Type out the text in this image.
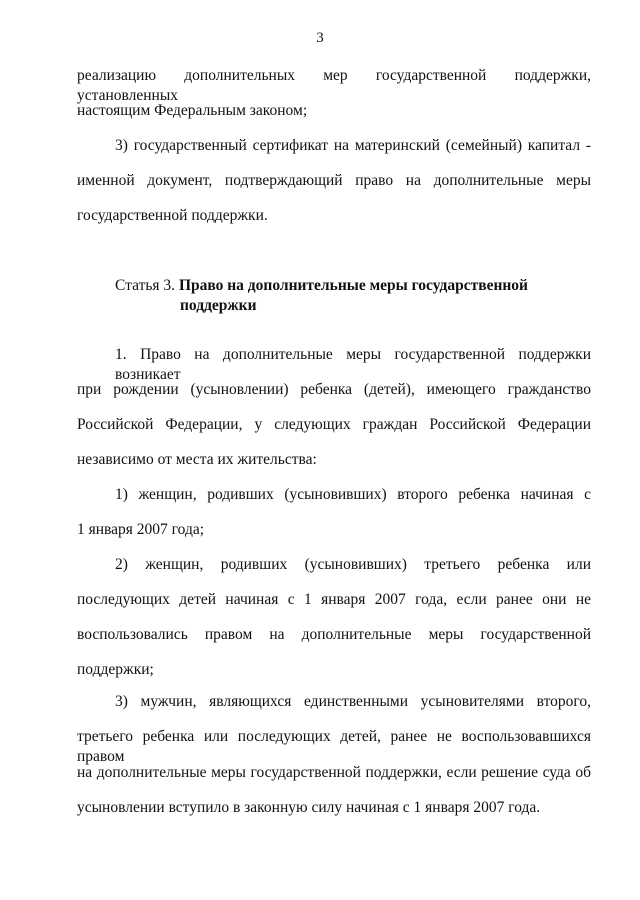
3
реализацию дополнительных мер государственной поддержки, установленных
настоящим Федеральным законом;
3) государственный сертификат на материнский (семейный) капитал -
именной документ, подтверждающий право на дополнительные меры
государственной поддержки.
Статья 3. Право на дополнительные меры государственной
поддержки
1. Право на дополнительные меры государственной поддержки возникает
при рождении (усыновлении) ребенка (детей), имеющего гражданство
Российской Федерации, у следующих граждан Российской Федерации
независимо от места их жительства:
1) женщин, родивших (усыновивших) второго ребенка начиная с
1 января 2007 года;
2) женщин, родивших (усыновивших) третьего ребенка или
последующих детей начиная с 1 января 2007 года, если ранее они не
воспользовались правом на дополнительные меры государственной
поддержки;
3) мужчин, являющихся единственными усыновителями второго,
третьего ребенка или последующих детей, ранее не воспользовавшихся правом
на дополнительные меры государственной поддержки, если решение суда об
усыновлении вступило в законную силу начиная с 1 января 2007 года.
